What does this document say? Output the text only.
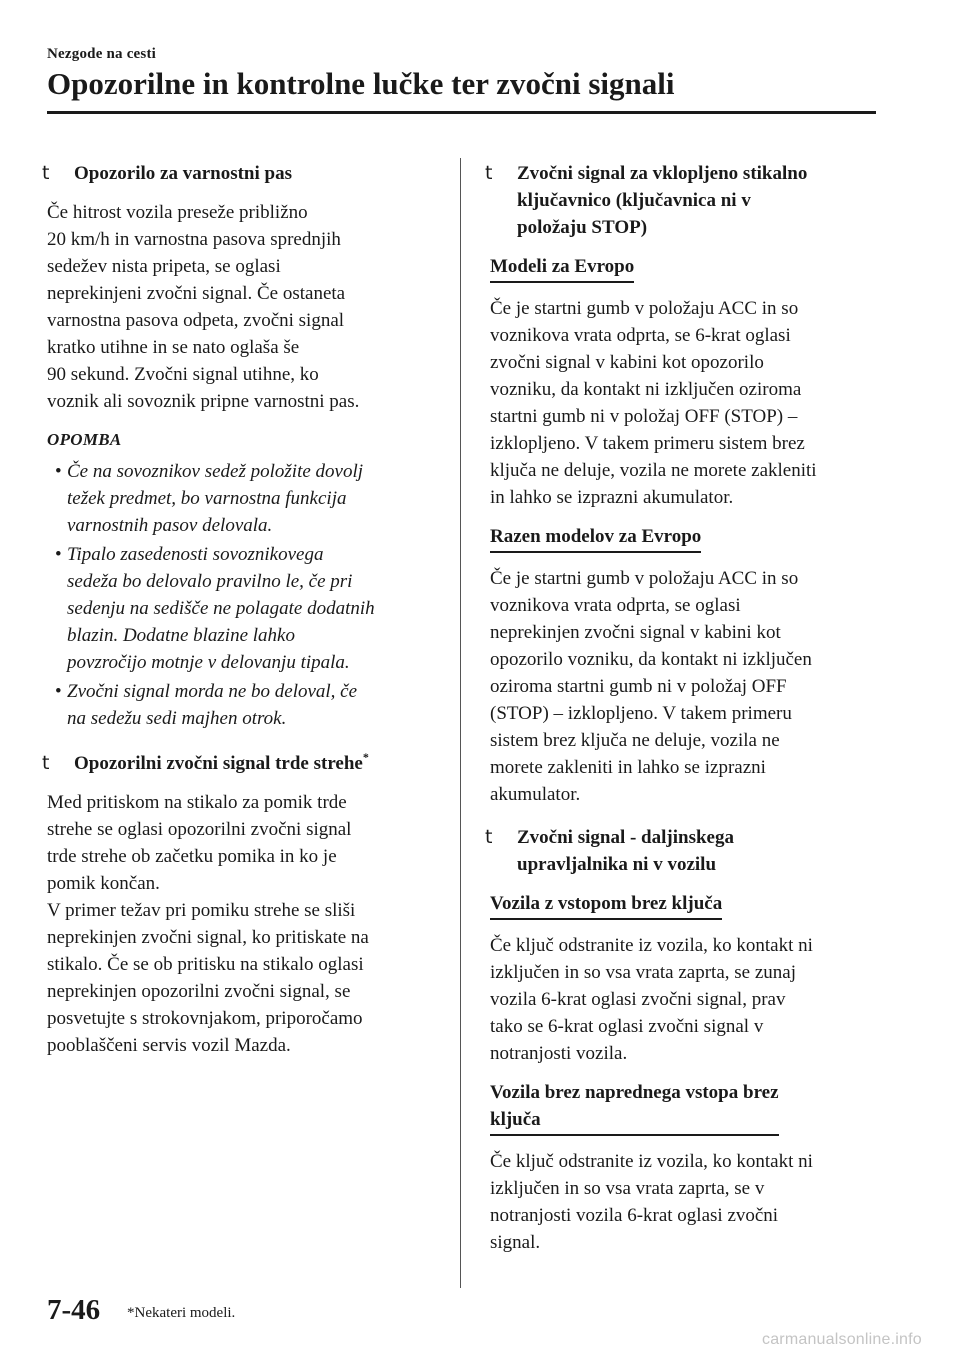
Nezgode na cesti
Opozorilne in kontrolne lučke ter zvočni signali
t Opozorilo za varnostni pas
Če hitrost vozila preseže približno
20 km/h in varnostna pasova sprednjih
sedežev nista pripeta, se oglasi
neprekinjeni zvočni signal. Če ostaneta
varnostna pasova odpeta, zvočni signal
kratko utihne in se nato oglaša še
90 sekund. Zvočni signal utihne, ko
voznik ali sovoznik pripne varnostni pas.
OPOMBA
• Če na sovoznikov sedež položite dovolj
težek predmet, bo varnostna funkcija
varnostnih pasov delovala.
• Tipalo zasedenosti sovoznikovega
sedeža bo delovalo pravilno le, če pri
sedenju na sedišče ne polagate dodatnih
blazin. Dodatne blazine lahko
povzročijo motnje v delovanju tipala.
• Zvočni signal morda ne bo deloval, če
na sedežu sedi majhen otrok.
t Opozorilni zvočni signal trde strehe*
Med pritiskom na stikalo za pomik trde
strehe se oglasi opozorilni zvočni signal
trde strehe ob začetku pomika in ko je
pomik končan.
V primer težav pri pomiku strehe se sliši
neprekinjen zvočni signal, ko pritiskate na
stikalo. Če se ob pritisku na stikalo oglasi
neprekinjen opozorilni zvočni signal, se
posvetujte s strokovnjakom, priporočamo
pooblaščeni servis vozil Mazda.
t Zvočni signal za vklopljeno stikalno
ključavnico (ključavnica ni v
položaju STOP)
Modeli za Evropo
Če je startni gumb v položaju ACC in so
voznikova vrata odprta, se 6-krat oglasi
zvočni signal v kabini kot opozorilo
vozniku, da kontakt ni izključen oziroma
startni gumb ni v položaj OFF (STOP) –
izklopljeno. V takem primeru sistem brez
ključa ne deluje, vozila ne morete zakleniti
in lahko se izprazni akumulator.
Razen modelov za Evropo
Če je startni gumb v položaju ACC in so
voznikova vrata odprta, se oglasi
neprekinjen zvočni signal v kabini kot
opozorilo vozniku, da kontakt ni izključen
oziroma startni gumb ni v položaj OFF
(STOP) – izklopljeno. V takem primeru
sistem brez ključa ne deluje, vozila ne
morete zakleniti in lahko se izprazni
akumulator.
t Zvočni signal - daljinskega
upravljalnika ni v vozilu
Vozila z vstopom brez ključa
Če ključ odstranite iz vozila, ko kontakt ni
izključen in so vsa vrata zaprta, se zunaj
vozila 6-krat oglasi zvočni signal, prav
tako se 6-krat oglasi zvočni signal v
notranjosti vozila.
Vozila brez naprednega vstopa brez
ključa
Če ključ odstranite iz vozila, ko kontakt ni
izključen in so vsa vrata zaprta, se v
notranjosti vozila 6-krat oglasi zvočni
signal.
7-46 *Nekateri modeli.
carmanualsonline.info
